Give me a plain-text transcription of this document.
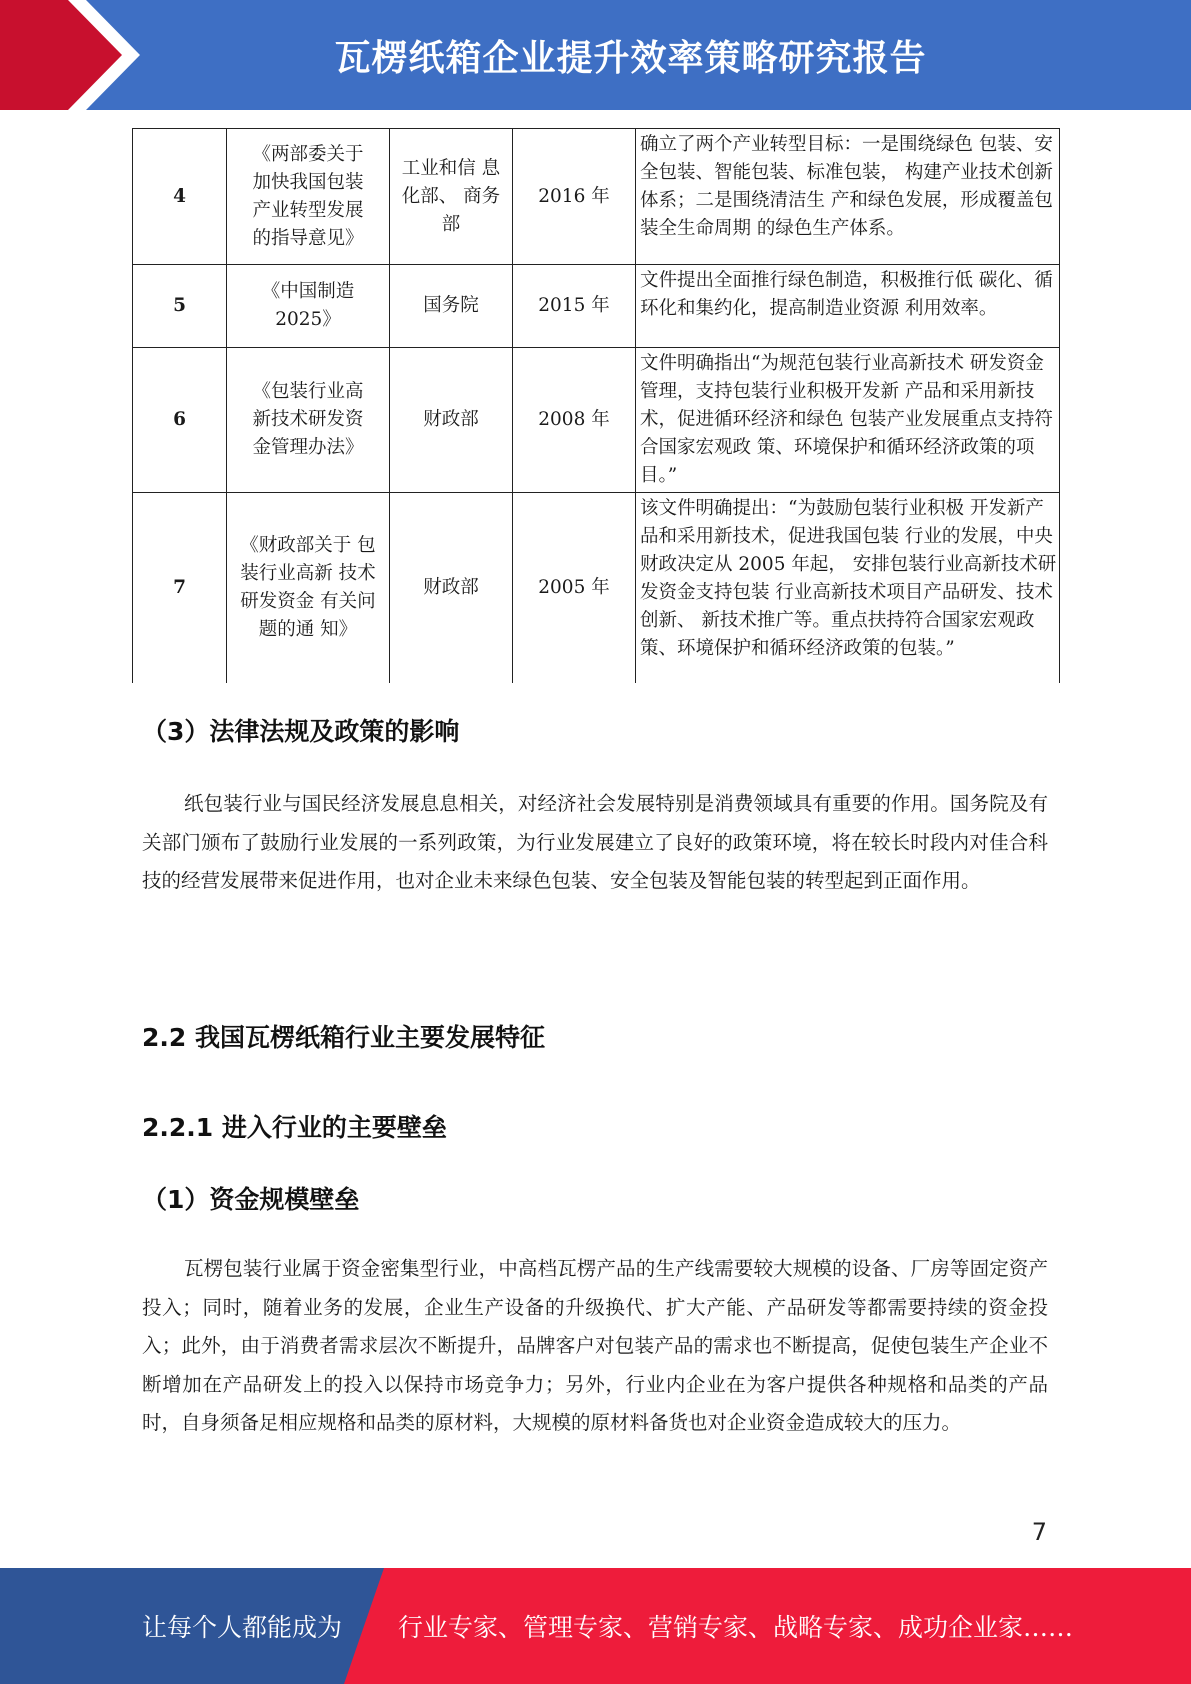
瓦楞纸箱企业提升效率策略研究报告
4	《两部委关于加快我国包装产业转型发展的指导意见》	工业和信 息化部、 商务部	2016 年	确立了两个产业转型目标：一是围绕绿色 包装、安全包装、智能包装、标准包装， 构建产业技术创新体系；二是围绕清洁生 产和绿色发展，形成覆盖包装全生命周期 的绿色生产体系。
5	《中国制造 2025》	国务院	2015 年	文件提出全面推行绿色制造，积极推行低 碳化、循环化和集约化，提高制造业资源 利用效率。
6	《包装行业高新技术研发资金管理办法》	财政部	2008 年	文件明确指出“为规范包装行业高新技术 研发资金管理，支持包装行业积极开发新 产品和采用新技术，促进循环经济和绿色 包装产业发展重点支持符合国家宏观政 策、环境保护和循环经济政策的项目。”
7	《财政部关于 包装行业高新 技术研发资金 有关问题的通 知》	财政部	2005 年	该文件明确提出：“为鼓励包装行业积极 开发新产品和采用新技术，促进我国包装 行业的发展，中央财政决定从 2005 年起， 安排包装行业高新技术研发资金支持包装 行业高新技术项目产品研发、技术创新、 新技术推广等。重点扶持符合国家宏观政 策、环境保护和循环经济政策的包装。”
（3）法律法规及政策的影响
纸包装行业与国民经济发展息息相关，对经济社会发展特别是消费领域具有重要的作用。国务院及有关部门颁布了鼓励行业发展的一系列政策，为行业发展建立了良好的政策环境，将在较长时段内对佳合科技的经营发展带来促进作用，也对企业未来绿色包装、安全包装及智能包装的转型起到正面作用。
2.2 我国瓦楞纸箱行业主要发展特征
2.2.1 进入行业的主要壁垒
（1）资金规模壁垒
瓦楞包装行业属于资金密集型行业，中高档瓦楞产品的生产线需要较大规模的设备、厂房等固定资产投入；同时，随着业务的发展，企业生产设备的升级换代、扩大产能、产品研发等都需要持续的资金投入；此外，由于消费者需求层次不断提升，品牌客户对包装产品的需求也不断提高，促使包装生产企业不断增加在产品研发上的投入以保持市场竞争力；另外，行业内企业在为客户提供各种规格和品类的产品时，自身须备足相应规格和品类的原材料，大规模的原材料备货也对企业资金造成较大的压力。
7
让每个人都能成为 行业专家、管理专家、营销专家、战略专家、成功企业家……
